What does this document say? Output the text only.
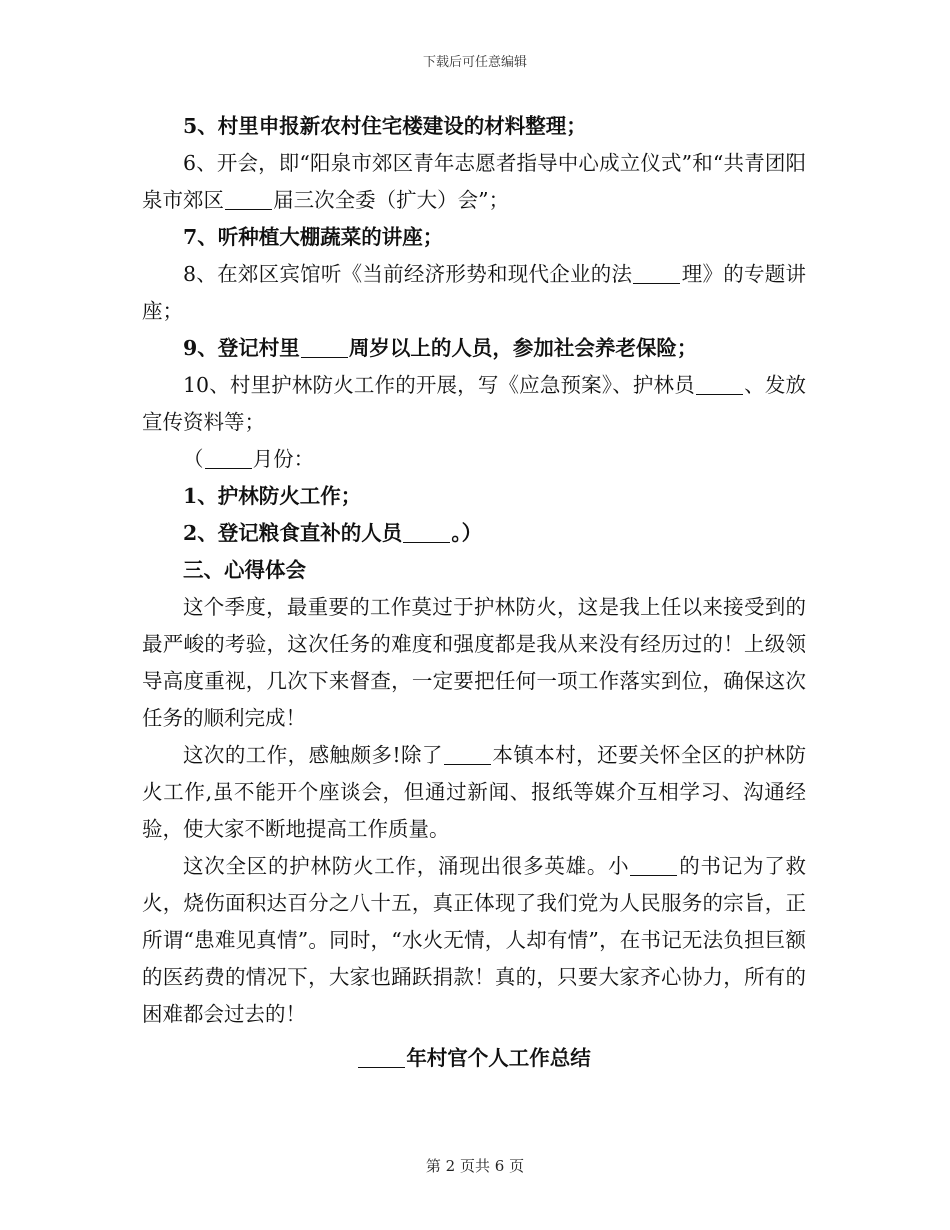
下载后可任意编辑

5、村里申报新农村住宅楼建设的材料整理；

6、开会，即“阳泉市郊区青年志愿者指导中心成立仪式”和“共青团阳泉市郊区 届三次全委（扩大）会”；

7、听种植大棚蔬菜的讲座；

8、在郊区宾馆听《当前经济形势和现代企业的法 理》的专题讲座；

9、登记村里 周岁以上的人员，参加社会养老保险；

10、村里护林防火工作的开展，写《应急预案》、护林员 、发放宣传资料等；

（ 月份：

1、护林防火工作；

2、登记粮食直补的人员 。）

三、心得体会

这个季度，最重要的工作莫过于护林防火，这是我上任以来接受到的最严峻的考验，这次任务的难度和强度都是我从来没有经历过的！上级领导高度重视，几次下来督查，一定要把任何一项工作落实到位，确保这次任务的顺利完成！

这次的工作，感触颇多!除了 本镇本村，还要关怀全区的护林防火工作,虽不能开个座谈会，但通过新闻、报纸等媒介互相学习、沟通经验，使大家不断地提高工作质量。

这次全区的护林防火工作，涌现出很多英雄。小 的书记为了救火，烧伤面积达百分之八十五，真正体现了我们党为人民服务的宗旨，正所谓“患难见真情”。同时，“水火无情，人却有情”，在书记无法负担巨额的医药费的情况下，大家也踊跃捐款！真的，只要大家齐心协力，所有的困难都会过去的！

年村官个人工作总结
第 2 页共 6 页
